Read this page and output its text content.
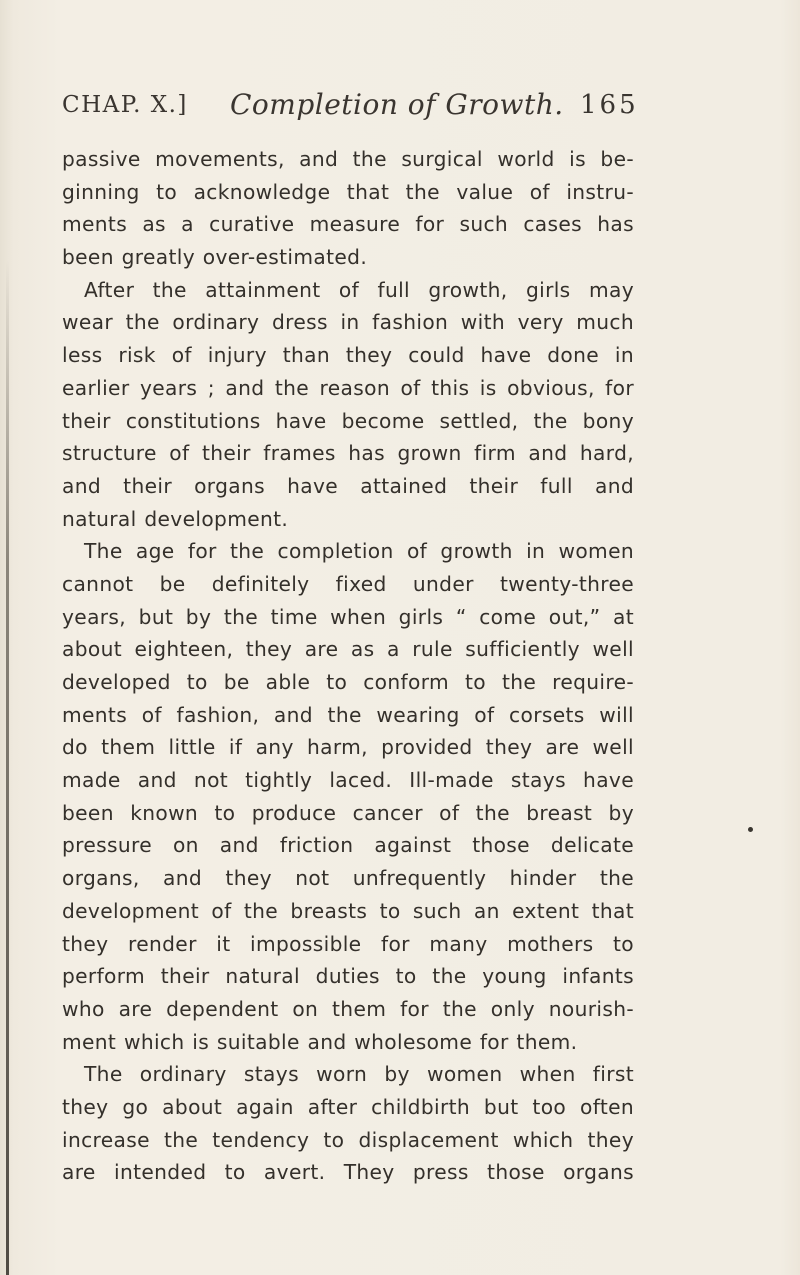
CHAP. X.] Completion of Growth. 165
passive movements, and the surgical world is be-
ginning to acknowledge that the value of instru-
ments as a curative measure for such cases has
been greatly over-estimated.
After the attainment of full growth, girls may
wear the ordinary dress in fashion with very much
less risk of injury than they could have done in
earlier years ; and the reason of this is obvious, for
their constitutions have become settled, the bony
structure of their frames has grown firm and hard,
and their organs have attained their full and
natural development.
The age for the completion of growth in women
cannot be definitely fixed under twenty-three
years, but by the time when girls “ come out,” at
about eighteen, they are as a rule sufficiently well
developed to be able to conform to the require-
ments of fashion, and the wearing of corsets will
do them little if any harm, provided they are well
made and not tightly laced. Ill-made stays have
been known to produce cancer of the breast by
pressure on and friction against those delicate
organs, and they not unfrequently hinder the
development of the breasts to such an extent that
they render it impossible for many mothers to
perform their natural duties to the young infants
who are dependent on them for the only nourish-
ment which is suitable and wholesome for them.
The ordinary stays worn by women when first
they go about again after childbirth but too often
increase the tendency to displacement which they
are intended to avert. They press those organs
